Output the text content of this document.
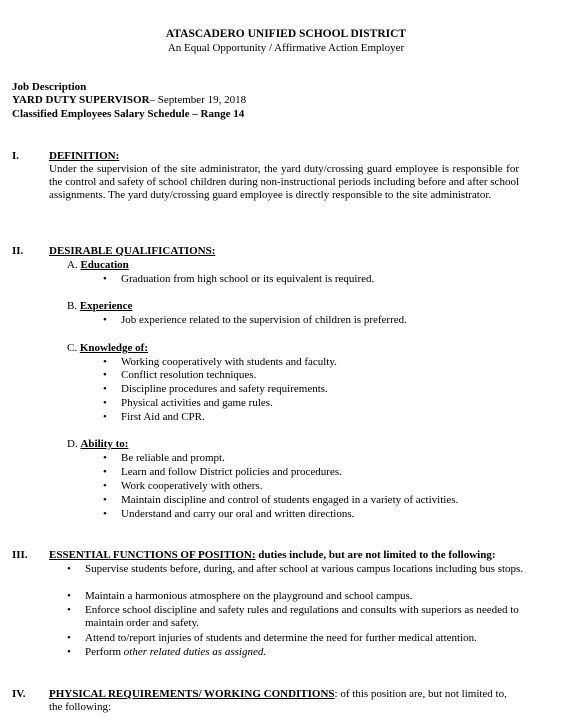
ATASCADERO UNIFIED SCHOOL DISTRICT
An Equal Opportunity / Affirmative Action Employer
Job Description
YARD DUTY SUPERVISOR– September 19, 2018
Classified Employees Salary Schedule – Range 14
I.	DEFINITION:
Under the supervision of the site administrator, the yard duty/crossing guard employee is responsible for the control and safety of school children during non-instructional periods including before and after school assignments. The yard duty/crossing guard employee is directly responsible to the site administrator.
II. DESIRABLE QUALIFICATIONS:
A. Education
• Graduation from high school or its equivalent is required.
B. Experience
• Job experience related to the supervision of children is preferred.
C. Knowledge of:
• Working cooperatively with students and faculty.
• Conflict resolution techniques.
• Discipline procedures and safety requirements.
• Physical activities and game rules.
• First Aid and CPR.
D. Ability to:
• Be reliable and prompt.
• Learn and follow District policies and procedures.
• Work cooperatively with others.
• Maintain discipline and control of students engaged in a variety of activities.
• Understand and carry our oral and written directions.
III. ESSENTIAL FUNCTIONS OF POSITION: duties include, but are not limited to the following:
• Supervise students before, during, and after school at various campus locations including bus stops.
• Maintain a harmonious atmosphere on the playground and school campus.
• Enforce school discipline and safety rules and regulations and consults with superiors as needed to maintain order and safety.
• Attend to/report injuries of students and determine the need for further medical attention.
• Perform other related duties as assigned.
IV. PHYSICAL REQUIREMENTS/ WORKING CONDITIONS: of this position are, but not limited to,
the following:
